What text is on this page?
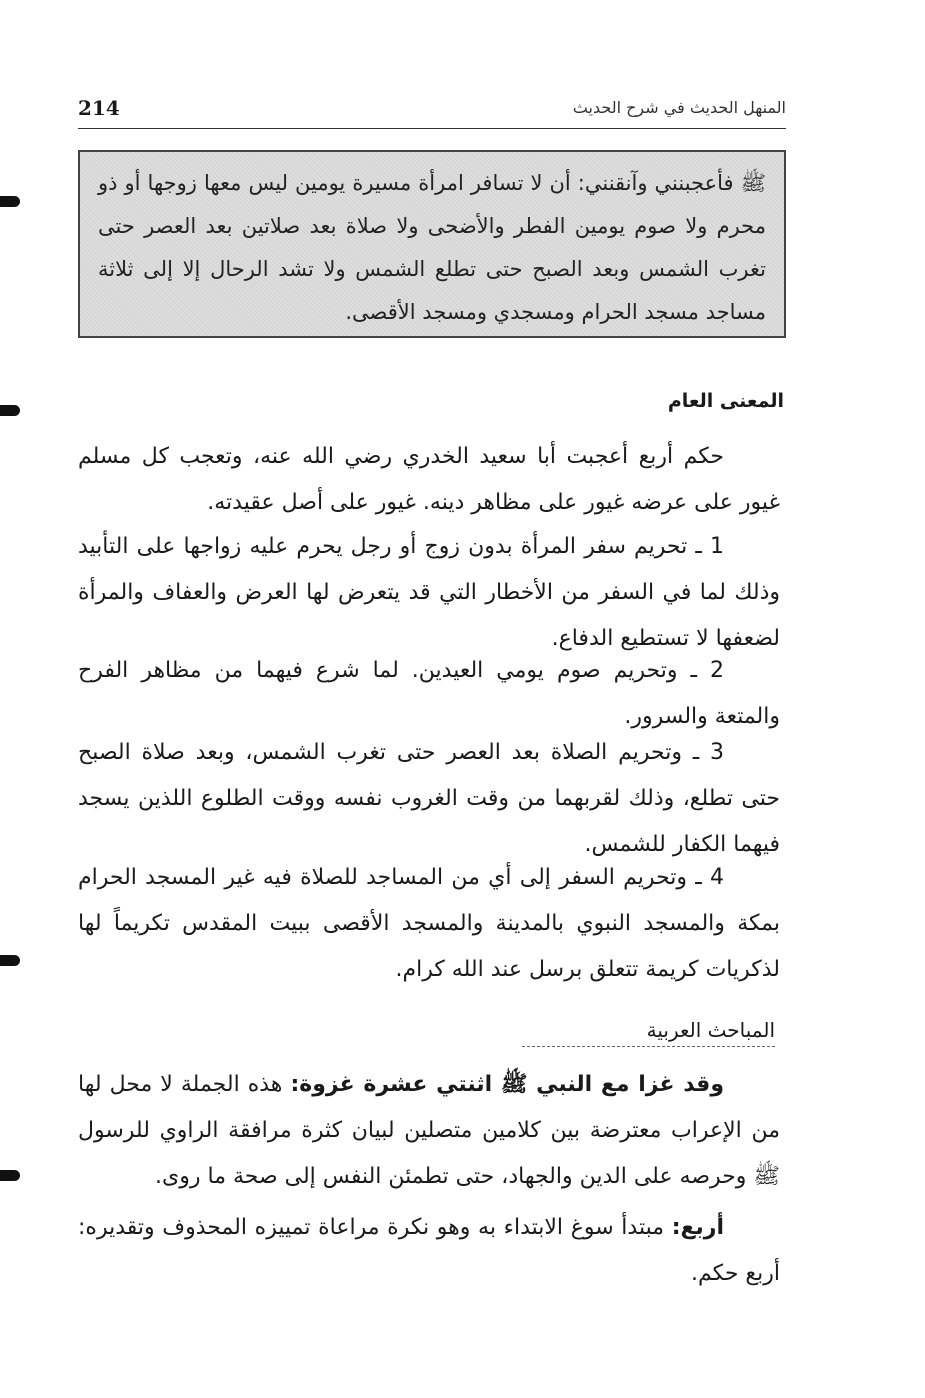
214	المنهل الحديث في شرح الحديث
ﷺ فأعجبنني وآنقنني: أن لا تسافر امرأة مسيرة يومين ليس معها زوجها أو ذو محرم ولا صوم يومين الفطر والأضحى ولا صلاة بعد صلاتين بعد العصر حتى تغرب الشمس وبعد الصبح حتى تطلع الشمس ولا تشد الرحال إلا إلى ثلاثة مساجد مسجد الحرام ومسجدي ومسجد الأقصى.
المعنى العام

حكم أربع أعجبت أبا سعيد الخدري رضي الله عنه، وتعجب كل مسلم غيور على عرضه غيور على مظاهر دينه. غيور على أصل عقيدته.

1 ـ تحريم سفر المرأة بدون زوج أو رجل يحرم عليه زواجها على التأبيد وذلك لما في السفر من الأخطار التي قد يتعرض لها العرض والعفاف والمرأة لضعفها لا تستطيع الدفاع.

2 ـ وتحريم صوم يومي العيدين. لما شرع فيهما من مظاهر الفرح والمتعة والسرور.

3 ـ وتحريم الصلاة بعد العصر حتى تغرب الشمس، وبعد صلاة الصبح حتى تطلع، وذلك لقربهما من وقت الغروب نفسه ووقت الطلوع اللذين يسجد فيهما الكفار للشمس.

4 ـ وتحريم السفر إلى أي من المساجد للصلاة فيه غير المسجد الحرام بمكة والمسجد النبوي بالمدينة والمسجد الأقصى ببيت المقدس تكريماً لها لذكريات كريمة تتعلق برسل عند الله كرام.

المباحث العربية

وقد غزا مع النبي ﷺ اثنتي عشرة غزوة: هذه الجملة لا محل لها من الإعراب معترضة بين كلامين متصلين لبيان كثرة مرافقة الراوي للرسول ﷺ وحرصه على الدين والجهاد، حتى تطمئن النفس إلى صحة ما روى.

أربع: مبتدأ سوغ الابتداء به وهو نكرة مراعاة تمييزه المحذوف وتقديره: أربع حكم.
